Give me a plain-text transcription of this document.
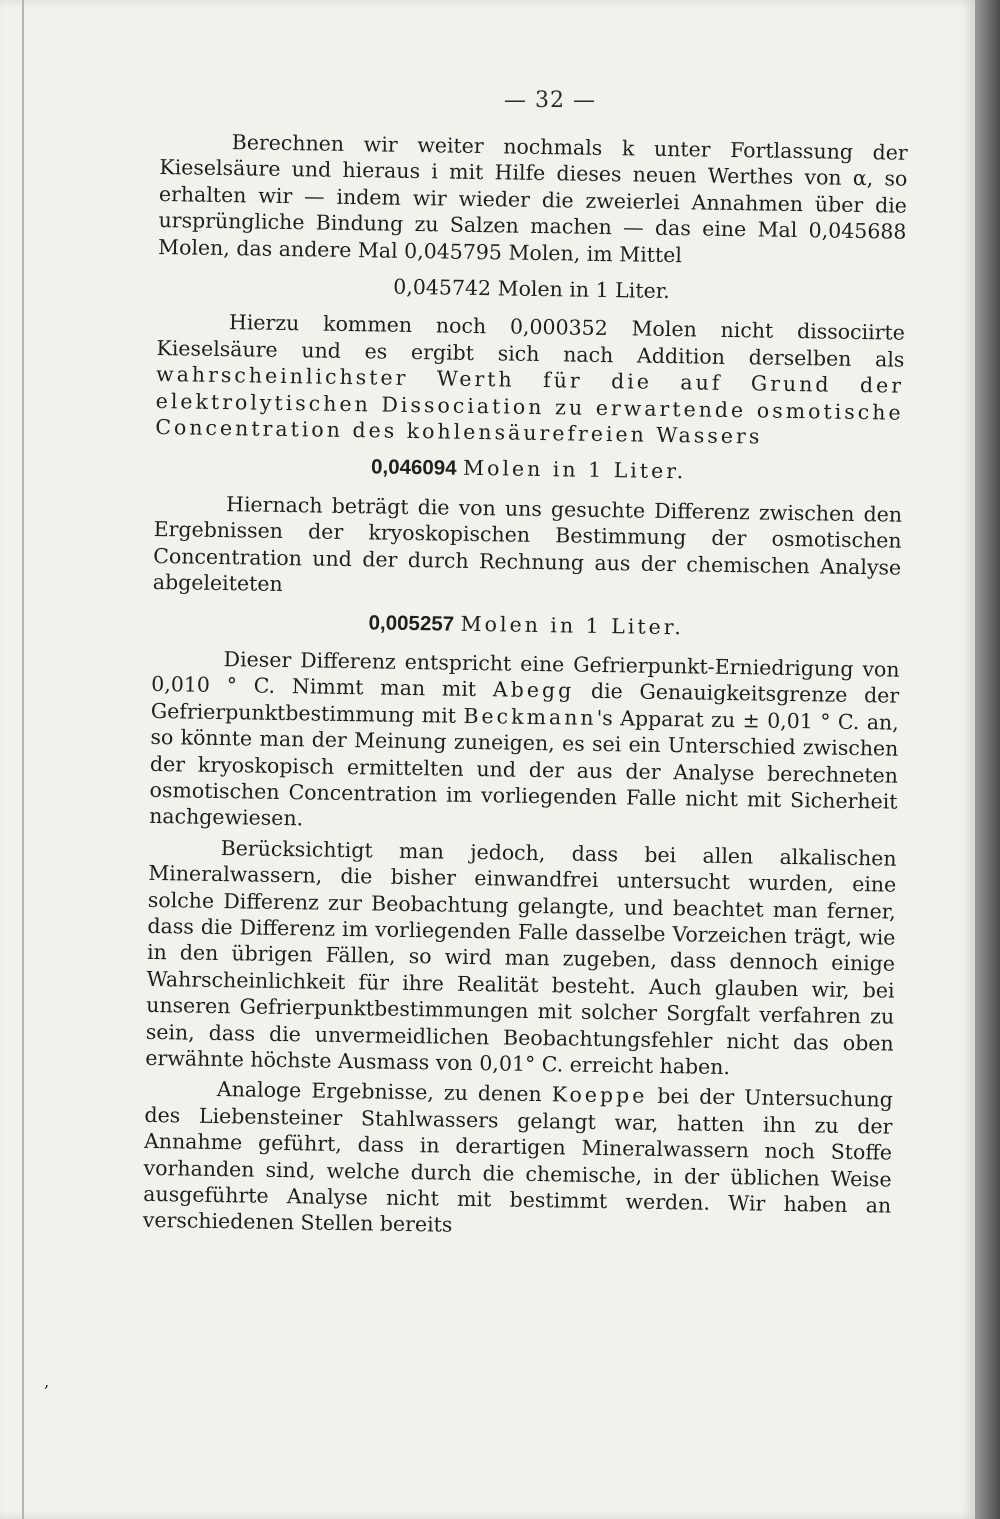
— 32 —

Berechnen wir weiter nochmals k unter Fortlassung der Kieselsäure und hieraus i mit Hilfe dieses neuen Werthes von α, so erhalten wir — indem wir wieder die zweierlei Annahmen über die ursprüngliche Bindung zu Salzen machen — das eine Mal 0,045688 Molen, das andere Mal 0,045795 Molen, im Mittel

0,045742 Molen in 1 Liter.

Hierzu kommen noch 0,000352 Molen nicht dissociirte Kieselsäure und es ergibt sich nach Addition derselben als wahrscheinlichster Werth für die auf Grund der elektrolytischen Dissociation zu erwartende osmotische Concentration des kohlensäurefreien Wassers

0,046094 Molen in 1 Liter.

Hiernach beträgt die von uns gesuchte Differenz zwischen den Ergebnissen der kryoskopischen Bestimmung der osmotischen Concentration und der durch Rechnung aus der chemischen Analyse abgeleiteten

0,005257 Molen in 1 Liter.

Dieser Differenz entspricht eine Gefrierpunkt-Erniedrigung von 0,010 ° C. Nimmt man mit Abegg die Genauigkeitsgrenze der Gefrierpunktbestimmung mit Beckmann's Apparat zu ± 0,01 ° C. an, so könnte man der Meinung zuneigen, es sei ein Unterschied zwischen der kryoskopisch ermittelten und der aus der Analyse berechneten osmotischen Concentration im vorliegenden Falle nicht mit Sicherheit nachgewiesen.

Berücksichtigt man jedoch, dass bei allen alkalischen Mineralwassern, die bisher einwandfrei untersucht wurden, eine solche Differenz zur Beobachtung gelangte, und beachtet man ferner, dass die Differenz im vorliegenden Falle dasselbe Vorzeichen trägt, wie in den übrigen Fällen, so wird man zugeben, dass dennoch einige Wahrscheinlichkeit für ihre Realität besteht. Auch glauben wir, bei unseren Gefrierpunktbestimmungen mit solcher Sorgfalt verfahren zu sein, dass die unvermeidlichen Beobachtungsfehler nicht das oben erwähnte höchste Ausmass von 0,01° C. erreicht haben.

Analoge Ergebnisse, zu denen Koeppe bei der Untersuchung des Liebensteiner Stahlwassers gelangt war, hatten ihn zu der Annahme geführt, dass in derartigen Mineralwassern noch Stoffe vorhanden sind, welche durch die chemische, in der üblichen Weise ausgeführte Analyse nicht mit bestimmt werden. Wir haben an verschiedenen Stellen bereits

‚
